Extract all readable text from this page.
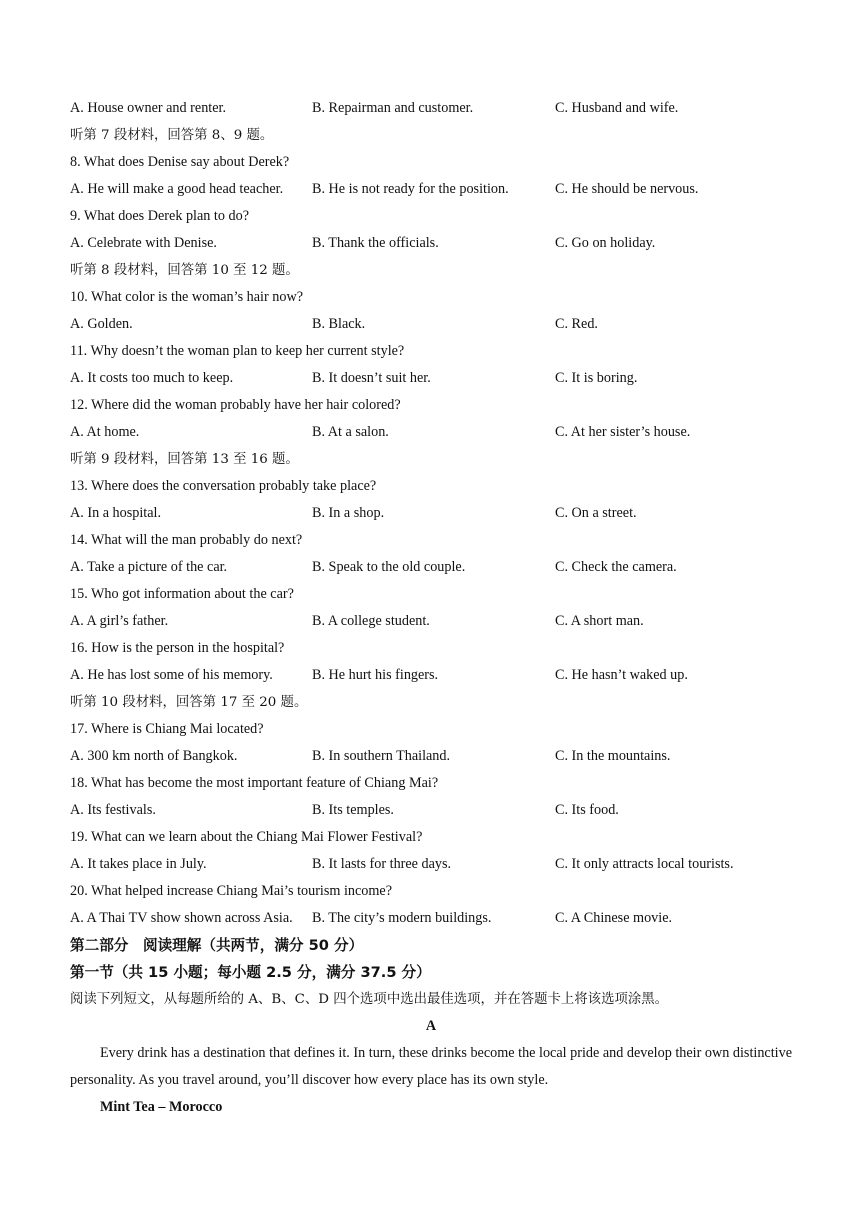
A. House owner and renter.	B. Repairman and customer.	C. Husband and wife.
听第 7 段材料，回答第 8、9 题。
8. What does Denise say about Derek?
A. He will make a good head teacher. B. He is not ready for the position.	C. He should be nervous.
9. What does Derek plan to do?
A. Celebrate with Denise.	B. Thank the officials.	C. Go on holiday.
听第 8 段材料，回答第 10 至 12 题。
10. What color is the woman’s hair now?
A. Golden.	B. Black.	C. Red.
11. Why doesn’t the woman plan to keep her current style?
A. It costs too much to keep.	B. It doesn’t suit her.	C. It is boring.
12. Where did the woman probably have her hair colored?
A. At home.	B. At a salon.	C. At her sister’s house.
听第 9 段材料，回答第 13 至 16 题。
13. Where does the conversation probably take place?
A. In a hospital.	B. In a shop.	C. On a street.
14. What will the man probably do next?
A. Take a picture of the car.	B. Speak to the old couple.	C. Check the camera.
15. Who got information about the car?
A. A girl’s father.	B. A college student.	C. A short man.
16. How is the person in the hospital?
A. He has lost some of his memory.	B. He hurt his fingers.	C. He hasn’t waked up.
听第 10 段材料，回答第 17 至 20 题。
17. Where is Chiang Mai located?
A. 300 km north of Bangkok.	B. In southern Thailand.	C. In the mountains.
18. What has become the most important feature of Chiang Mai?
A. Its festivals.	B. Its temples.	C. Its food.
19. What can we learn about the Chiang Mai Flower Festival?
A. It takes place in July.	B. It lasts for three days.	C. It only attracts local tourists.
20. What helped increase Chiang Mai’s tourism income?
A. A Thai TV show shown across Asia. B. The city’s modern buildings.	C. A Chinese movie.
第二部分　阅读理解（共两节，满分 50 分）
第一节（共 15 小题；每小题 2.5 分，满分 37.5 分）
阅读下列短文，从每题所给的 A、B、C、D 四个选项中选出最佳选项，并在答题卡上将该选项涂黑。
A
Every drink has a destination that defines it. In turn, these drinks become the local pride and develop their own distinctive personality. As you travel around, you’ll discover how every place has its own style.
Mint Tea – Morocco
